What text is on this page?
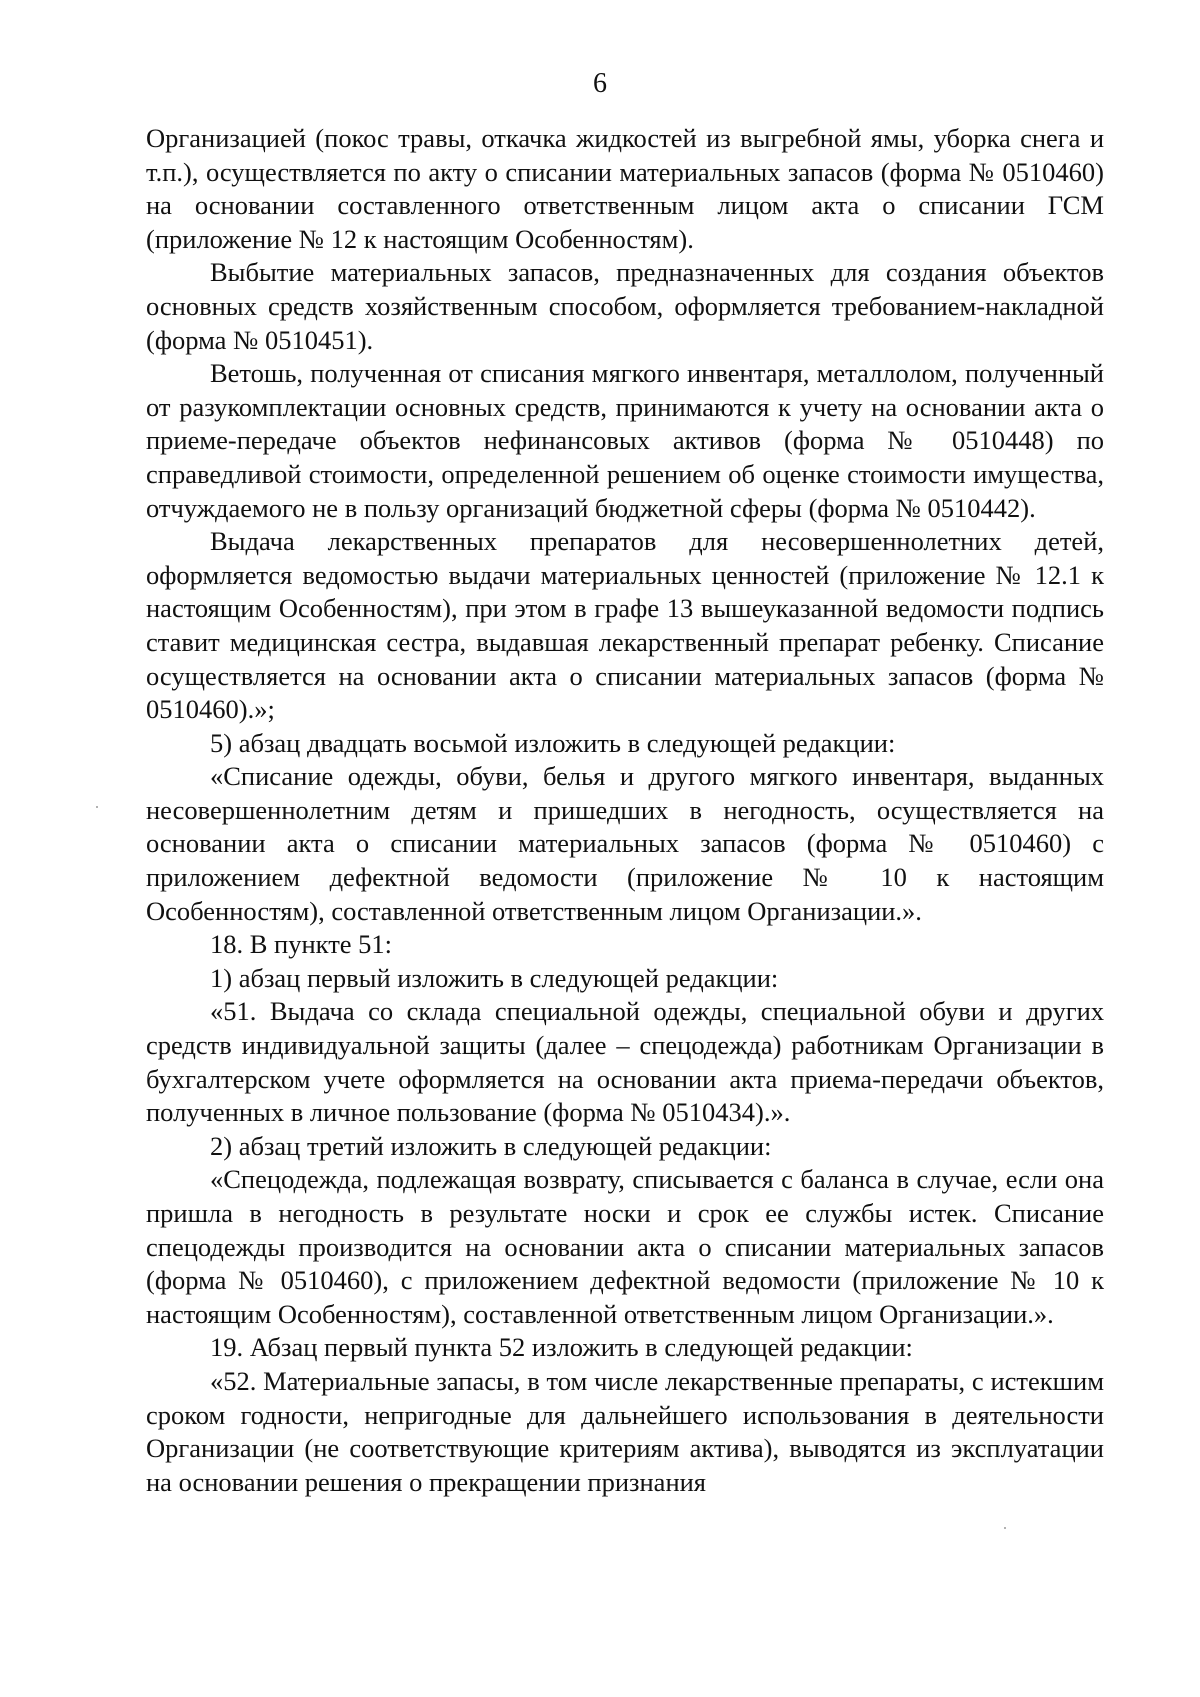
6

Организацией (покос травы, откачка жидкостей из выгребной ямы, уборка снега и т.п.), осуществляется по акту о списании материальных запасов (форма № 0510460) на основании составленного ответственным лицом акта о списании ГСМ (приложение № 12 к настоящим Особенностям).

Выбытие материальных запасов, предназначенных для создания объектов основных средств хозяйственным способом, оформляется требованием-накладной (форма № 0510451).

Ветошь, полученная от списания мягкого инвентаря, металлолом, полученный от разукомплектации основных средств, принимаются к учету на основании акта о приеме-передаче объектов нефинансовых активов (форма № 0510448) по справедливой стоимости, определенной решением об оценке стоимости имущества, отчуждаемого не в пользу организаций бюджетной сферы (форма № 0510442).

Выдача лекарственных препаратов для несовершеннолетних детей, оформляется ведомостью выдачи материальных ценностей (приложение № 12.1 к настоящим Особенностям), при этом в графе 13 вышеуказанной ведомости подпись ставит медицинская сестра, выдавшая лекарственный препарат ребенку. Списание осуществляется на основании акта о списании материальных запасов (форма № 0510460).»;

5) абзац двадцать восьмой изложить в следующей редакции:

«Списание одежды, обуви, белья и другого мягкого инвентаря, выданных несовершеннолетним детям и пришедших в негодность, осуществляется на основании акта о списании материальных запасов (форма № 0510460) с приложением дефектной ведомости (приложение № 10 к настоящим Особенностям), составленной ответственным лицом Организации.».

18. В пункте 51:

1) абзац первый изложить в следующей редакции:

«51. Выдача со склада специальной одежды, специальной обуви и других средств индивидуальной защиты (далее – спецодежда) работникам Организации в бухгалтерском учете оформляется на основании акта приема-передачи объектов, полученных в личное пользование (форма № 0510434).».

2) абзац третий изложить в следующей редакции:

«Спецодежда, подлежащая возврату, списывается с баланса в случае, если она пришла в негодность в результате носки и срок ее службы истек. Списание спецодежды производится на основании акта о списании материальных запасов (форма № 0510460), с приложением дефектной ведомости (приложение № 10 к настоящим Особенностям), составленной ответственным лицом Организации.».

19. Абзац первый пункта 52 изложить в следующей редакции:

«52. Материальные запасы, в том числе лекарственные препараты, с истекшим сроком годности, непригодные для дальнейшего использования в деятельности Организации (не соответствующие критериям актива), выводятся из эксплуатации на основании решения о прекращении признания
